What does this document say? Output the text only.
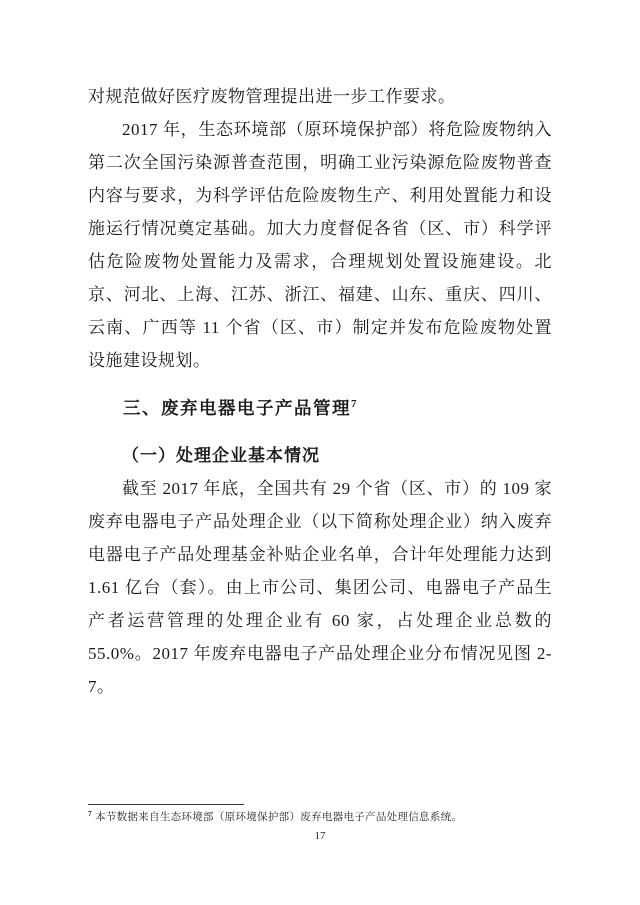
对规范做好医疗废物管理提出进一步工作要求。

2017 年，生态环境部（原环境保护部）将危险废物纳入第二次全国污染源普查范围，明确工业污染源危险废物普查内容与要求，为科学评估危险废物生产、利用处置能力和设施运行情况奠定基础。加大力度督促各省（区、市）科学评估危险废物处置能力及需求，合理规划处置设施建设。北京、河北、上海、江苏、浙江、福建、山东、重庆、四川、云南、广西等 11 个省（区、市）制定并发布危险废物处置设施建设规划。

三、废弃电器电子产品管理$^7$
（一）处理企业基本情况

截至 2017 年底，全国共有 29 个省（区、市）的 109 家废弃电器电子产品处理企业（以下简称处理企业）纳入废弃电器电子产品处理基金补贴企业名单，合计年处理能力达到 1.61 亿台（套）。由上市公司、集团公司、电器电子产品生产者运营管理的处理企业有 60 家，占处理企业总数的 55.0%。2017 年废弃电器电子产品处理企业分布情况见图 2-7。

$^7$ 本节数据来自生态环境部（原环境保护部）废弃电器电子产品处理信息系统。

17
